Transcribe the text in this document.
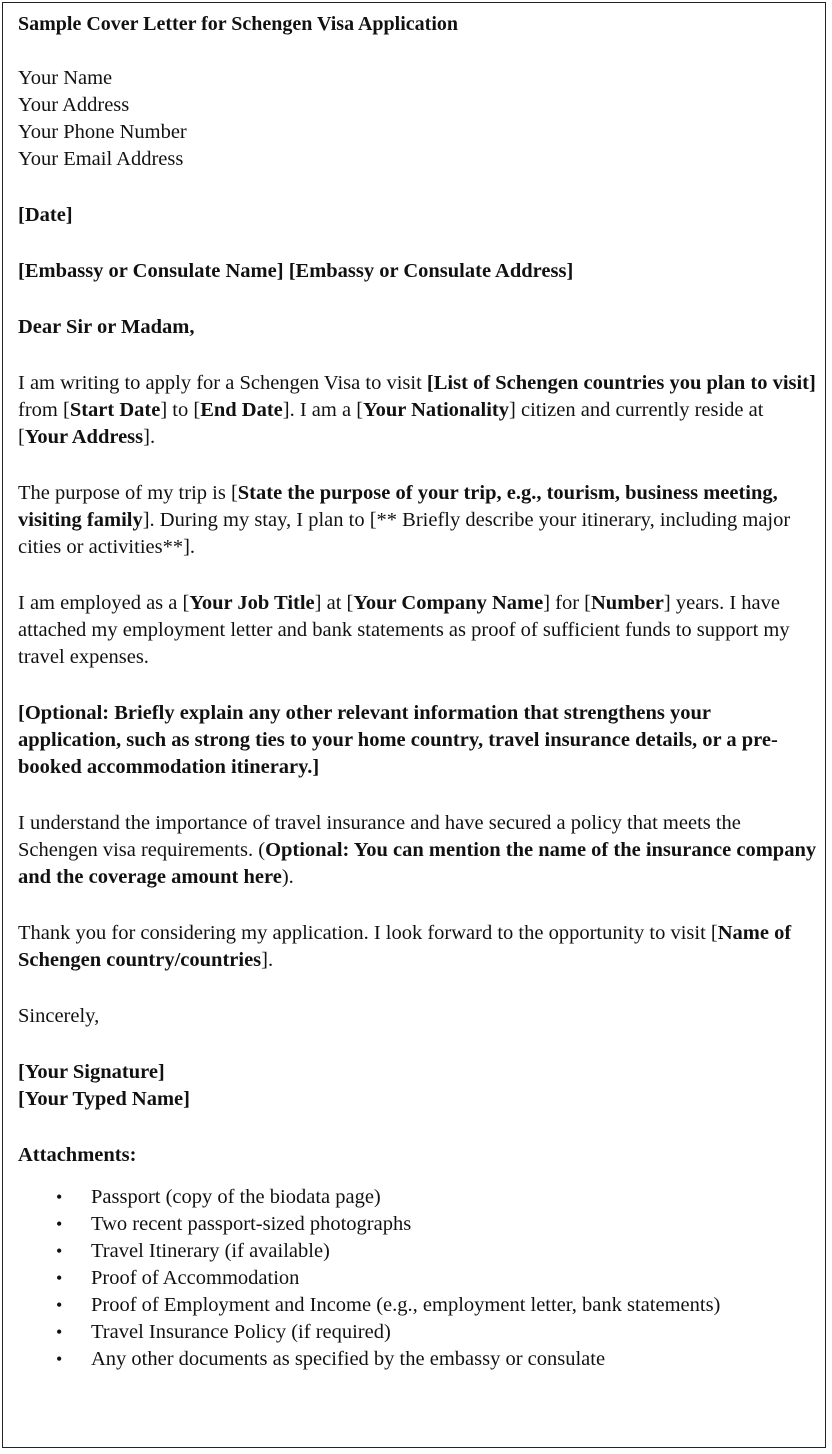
Sample Cover Letter for Schengen Visa Application

Your Name
Your Address
Your Phone Number
Your Email Address

[Date]

[Embassy or Consulate Name] [Embassy or Consulate Address]

Dear Sir or Madam,

I am writing to apply for a Schengen Visa to visit [List of Schengen countries you plan to visit] from [Start Date] to [End Date]. I am a [Your Nationality] citizen and currently reside at [Your Address].

The purpose of my trip is [State the purpose of your trip, e.g., tourism, business meeting, visiting family]. During my stay, I plan to [** Briefly describe your itinerary, including major cities or activities**].

I am employed as a [Your Job Title] at [Your Company Name] for [Number] years. I have attached my employment letter and bank statements as proof of sufficient funds to support my travel expenses.

[Optional: Briefly explain any other relevant information that strengthens your application, such as strong ties to your home country, travel insurance details, or a pre-booked accommodation itinerary.]

I understand the importance of travel insurance and have secured a policy that meets the Schengen visa requirements. (Optional: You can mention the name of the insurance company and the coverage amount here).

Thank you for considering my application. I look forward to the opportunity to visit [Name of Schengen country/countries].

Sincerely,

[Your Signature]
[Your Typed Name]

Attachments:

• Passport (copy of the biodata page)
• Two recent passport-sized photographs
• Travel Itinerary (if available)
• Proof of Accommodation
• Proof of Employment and Income (e.g., employment letter, bank statements)
• Travel Insurance Policy (if required)
• Any other documents as specified by the embassy or consulate
